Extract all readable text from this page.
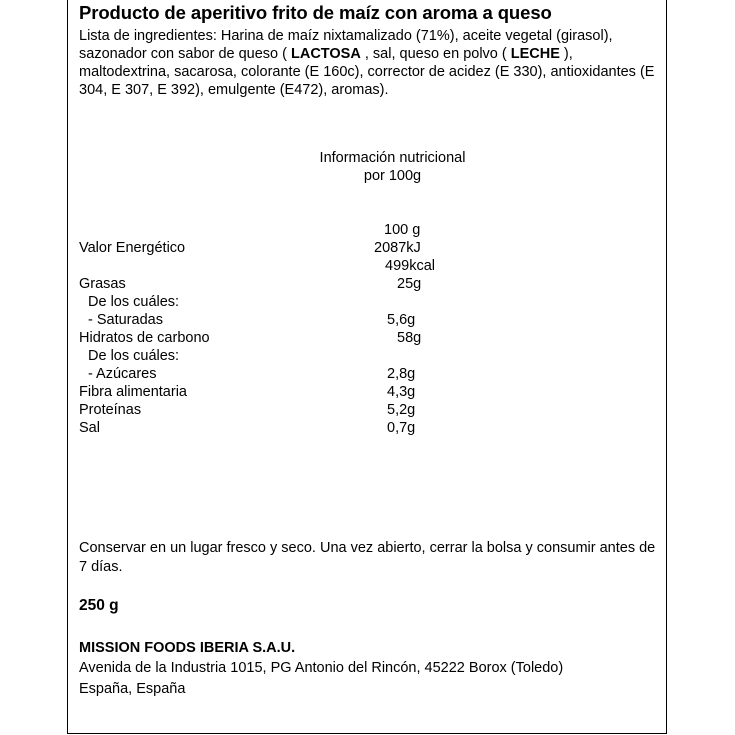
Producto de aperitivo frito de maíz con aroma a queso
Lista de ingredientes: Harina de maíz nixtamalizado (71%), aceite vegetal (girasol), sazonador con sabor de queso ( LACTOSA , sal, queso en polvo ( LECHE ), maltodextrina, sacarosa, colorante (E 160c), corrector de acidez (E 330), antioxidantes (E 304, E 307, E 392), emulgente (E472), aromas).
Información nutricional
por 100g
100 g
Valor Energético	2087kJ
499kcal
Grasas	25g
De los cuáles:
- Saturadas	5,6g
Hidratos de carbono	58g
De los cuáles:
- Azúcares	2,8g
Fibra alimentaria	4,3g
Proteínas	5,2g
Sal	0,7g
Conservar en un lugar fresco y seco. Una vez abierto, cerrar la bolsa y consumir antes de 7 días.
250 g
MISSION FOODS IBERIA S.A.U.
Avenida de la Industria 1015, PG Antonio del Rincón, 45222 Borox (Toledo)
España, España
